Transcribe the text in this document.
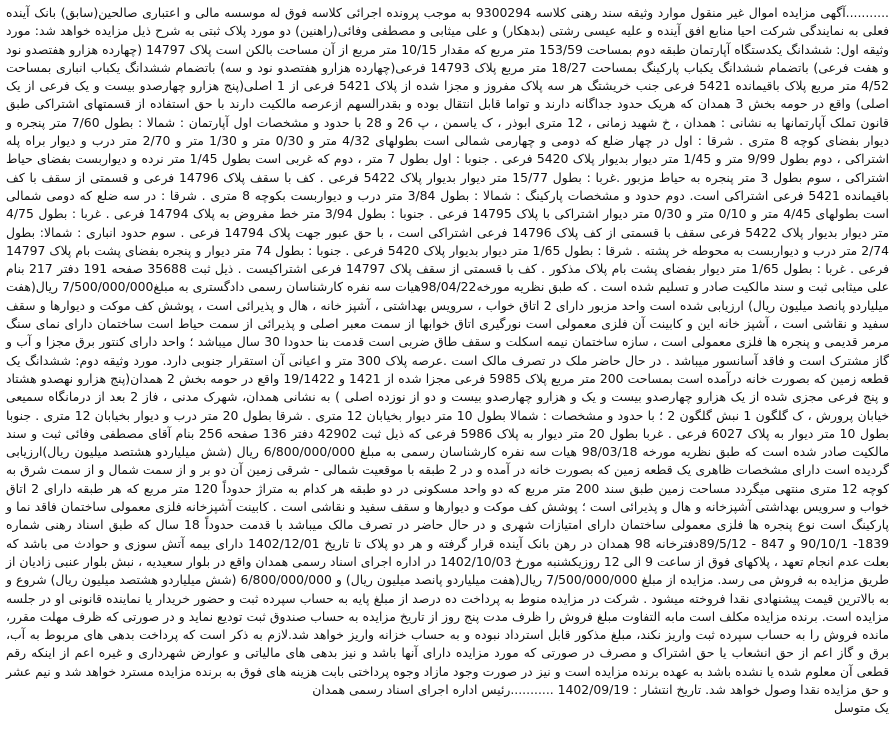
...........آگهی مزایده اموال غیر منقول موارد وثیقه سند رهنی کلاسه 9300294 به موجب پرونده اجرائی کلاسه فوق له موسسه مالی و اعتباری صالحین(سابق) بانک آینده فعلی به نمایندگی شرکت احیا منابع افق آینده و علیه عیسی رشتی (بدهکار) و علی میثابی و مصطفی وفائی(راهنین) دو مورد پلاک ثبتی به شرح ذیل مزایده خواهد شد: مورد وثیقه اول: ششدانگ یکدستگاه آپارتمان طبقه دوم بمساحت 153/59 متر مربع که مقدار 10/15 متر مربع از آن مساحت بالکن است پلاک 14797 (چهارده هزارو هفتصدو نود و هفت فرعی) باتضمام ششدانگ یکباب پارکینگ بمساحت 18/27 متر مربع پلاک 14793 فرعی(چهارده هزارو هفتصدو نود و سه) باتضمام ششدانگ یکباب انباری بمساحت 4/52 متر مربع پلاک باقیمانده 5421 فرعی جنب خریشتگ هر سه پلاک مفروز و مجزا شده از پلاک 5421 فرعی از 1 اصلی(پنج هزارو چهارصدو بیست و یک فرعی از یک اصلی) واقع در حومه بخش 3 همدان که هریک حدود جداگانه دارند و تواما قابل انتقال بوده و بقدرالسهم ازعرصه مالکیت دارند با حق استفاده از قسمتهای اشتراکی طبق قانون تملک آپارتمانها به نشانی : همدان ، خ شهید زمانی ، 12 متری ابوذر ، ک یاسمن ، پ 26 و 28 با حدود و مشخصات اول آپارتمان : شمالا : بطول 7/60 متر پنجره و دیوار بفضای کوچه 8 متری . شرقا : اول در چهار ضلع که دومی و چهارمی شمالی است بطولهای 4/32 متر و 0/30 متر و 1/30 متر و 2/70 متر درب و دیوار براه پله اشتراکی ، دوم بطول 9/99 متر و 1/45 متر دیوار بدیوار پلاک 5420 فرعی . جنوبا : اول بطول 7 متر ، دوم که غربی است بطول 1/45 متر نرده و دیواربست بفضای حیاط اشتراکی ، سوم بطول 3 متر پنجره به حیاط مزبور .غربا : بطول 15/77 متر دیوار بدیوار پلاک 5422 فرعی . کف با سقف پلاک 14796 فرعی و قسمتی از سقف با کف باقیمانده 5421 فرعی اشتراکی است. دوم حدود و مشخصات پارکینگ : شمالا : بطول 3/84 متر درب و دیواربست بکوچه 8 متری . شرقا : در سه ضلع که دومی شمالی است بطولهای 4/45 متر و 0/10 متر و 0/30 متر دیوار اشتراکی با پلاک 14795 فرعی . جنوبا : بطول 3/94 متر خط مفروض به پلاک 14794 فرعی . غربا : بطول 4/75 متر دیوار بدیوار پلاک 5422 فرعی سقف با قسمتی از کف پلاک 14796 فرعی اشتراکی است ، با حق عبور جهت پلاک 14794 فرعی . سوم حدود انباری : شمالا: بطول 2/74 متر درب و دیواربست به محوطه خر پشته . شرقا : بطول 1/65 متر دیوار بدیوار پلاک 5420 فرعی . جنوبا : بطول 74 متر دیوار و پنجره بفضای پشت بام پلاک 14797 فرعی . غربا : بطول 1/65 متر دیوار بفضای پشت بام پلاک مذکور . کف با قسمتی از سقف پلاک 14797 فرعی اشتراکیست . ذیل ثبت 35688 صفحه 191 دفتر 217 بنام علی میثابی ثبت و سند مالکیت صادر و تسلیم شده است . که طبق نظریه مورخه98/04/22هیات سه نفره کارشناسان رسمی دادگستری به مبلغ7/500/000/000 ریال(هفت میلیاردو پانصد میلیون ریال) ارزیابی شده است واحد مزبور دارای 2 اتاق خواب ، سرویس بهداشتی ، آشپز خانه ، هال و پذیرائی است ، پوشش کف موکت و دیوارها و سقف سفید و نقاشی است ، آشپز خانه این و کابینت آن فلزی معمولی است نورگیری اتاق خوابها از سمت معبر اصلی و پذیرائی از سمت حیاط است ساختمان دارای نمای سنگ مرمر قدیمی و پنجره ها فلزی معمولی است ، سازه ساختمان نیمه اسکلت و سقف طاق ضربی است قدمت بنا حدودا 30 سال میباشد ؛ واحد دارای کنتور برق مجزا و آب و گاز مشترک است و فاقد آسانسور میباشد . در حال حاضر ملک در تصرف مالک است .عرصه پلاک 300 متر و اعیانی آن استقرار جنوبی دارد. مورد وثیقه دوم: ششدانگ یک قطعه زمین که بصورت خانه درآمده است بمساحت 200 متر مربع پلاک 5985 فرعی مجزا شده از 1421 و 19/1422 واقع در حومه بخش 2 همدان(پنج هزارو نهصدو هشتاد و پنج فرعی مجزی شده از یک هزارو چهارصدو بیست و یک و هزارو چهارصدو بیست و دو از نوزده اصلی ) به نشانی همدان، شهرک مدنی ، فاز 2 بعد از درمانگاه سمیعی خیابان پرورش ، ک گلگون 1 نبش گلگون 2 ؛ با حدود و مشخصات : شمالا بطول 10 متر دیوار بخیابان 12 متری . شرقا بطول 20 متر درب و دیوار بخیابان 12 متری . جنوبا بطول 10 متر دیوار به پلاک 6027 فرعی . غربا بطول 20 متر دیوار به پلاک 5986 فرعی که ذیل ثبت 42902 دفتر 136 صفحه 256 بنام آقای مصطفی وفائی ثبت و سند مالکیت صادر شده است که طبق نظریه مورخه 98/03/18 هیات سه نفره کارشناسان رسمی به مبلغ 6/800/000/000 ریال (شش میلیاردو هشتصد میلیون ریال)ارزیابی گردیده است دارای مشخصات ظاهری یک قطعه زمین که بصورت خانه در آمده و در 2 طبقه با موقعیت شمالی - شرقی زمین آن دو بر و از سمت شمال و از سمت شرق به کوچه 12 متری منتهی میگردد مساحت زمین طبق سند 200 متر مربع که دو واحد مسکونی در دو طبقه هر کدام به متراژ حدوداً 120 متر مربع که هر طبقه دارای 2 اتاق خواب و سرویس بهداشتی آشپزخانه و هال و پذیرائی است ؛ پوشش کف موکت و دیوارها و سقف سفید و نقاشی است . کابینت آشپزخانه فلزی معمولی ساختمان فاقد نما و پارکینگ است نوع پنجره ها فلزی معمولی ساختمان دارای امتیازات شهری و در حال حاضر در تصرف مالک میباشد با قدمت حدوداً 18 سال که طبق اسناد رهنی شماره 1839- 90/10/1 و 847 - 89/5/12دفترخانه 98 همدان در رهن بانک آینده قرار گرفته و هر دو پلاک تا تاریخ 1402/12/01 دارای بیمه آتش سوزی و حوادث می باشد که بعلت عدم انجام تعهد ، پلاکهای فوق از ساعت 9 الی 12 روزیکشنبه مورخ 1402/10/03 در اداره اجرای اسناد رسمی همدان واقع در بلوار سعیدیه ، نبش بلوار عنبی زادیان از طریق مزایده به فروش می رسد. مزایده از مبلغ 7/500/000/000 ریال(هفت میلیاردو پانصد میلیون ریال) و 6/800/000/000 (شش میلیاردو هشتصد میلیون ریال) شروع و به بالاترین قیمت پیشنهادی نقدا فروخته میشود . شرکت در مزایده منوط به پرداخت ده درصد از مبلغ پایه به حساب سپرده ثبت و حضور خریدار یا نماینده قانونی او در جلسه مزایده است. برنده مزایده مکلف است مابه التفاوت مبلغ فروش را ظرف مدت پنج روز از تاریخ مزایده به حساب صندوق ثبت تودیع نماید و در صورتی که ظرف مهلت مقرر، مانده فروش را به حساب سپرده ثبت واریز نکند، مبلغ مذکور قابل استرداد نبوده و به حساب خزانه واریز خواهد شد.لازم به ذکر است که پرداخت بدهی های مربوط به آب، برق و گاز اعم از حق انشعاب یا حق اشتراک و مصرف در صورتی که مورد مزایده دارای آنها باشد و نیز بدهی های مالیاتی و عوارض شهرداری و غیره اعم از اینکه رقم قطعی آن معلوم شده یا نشده باشد به عهده برنده مزایده است و نیز در صورت وجود مازاد وجوه پرداختی بابت هزینه های فوق به برنده مزایده مسترد خواهد شد و نیم عشر و حق مزایده نقدا وصول خواهد شد. تاریخ انتشار : 1402/09/19 ...........رئیس اداره اجرای اسناد رسمی همدان

یک متوسل
